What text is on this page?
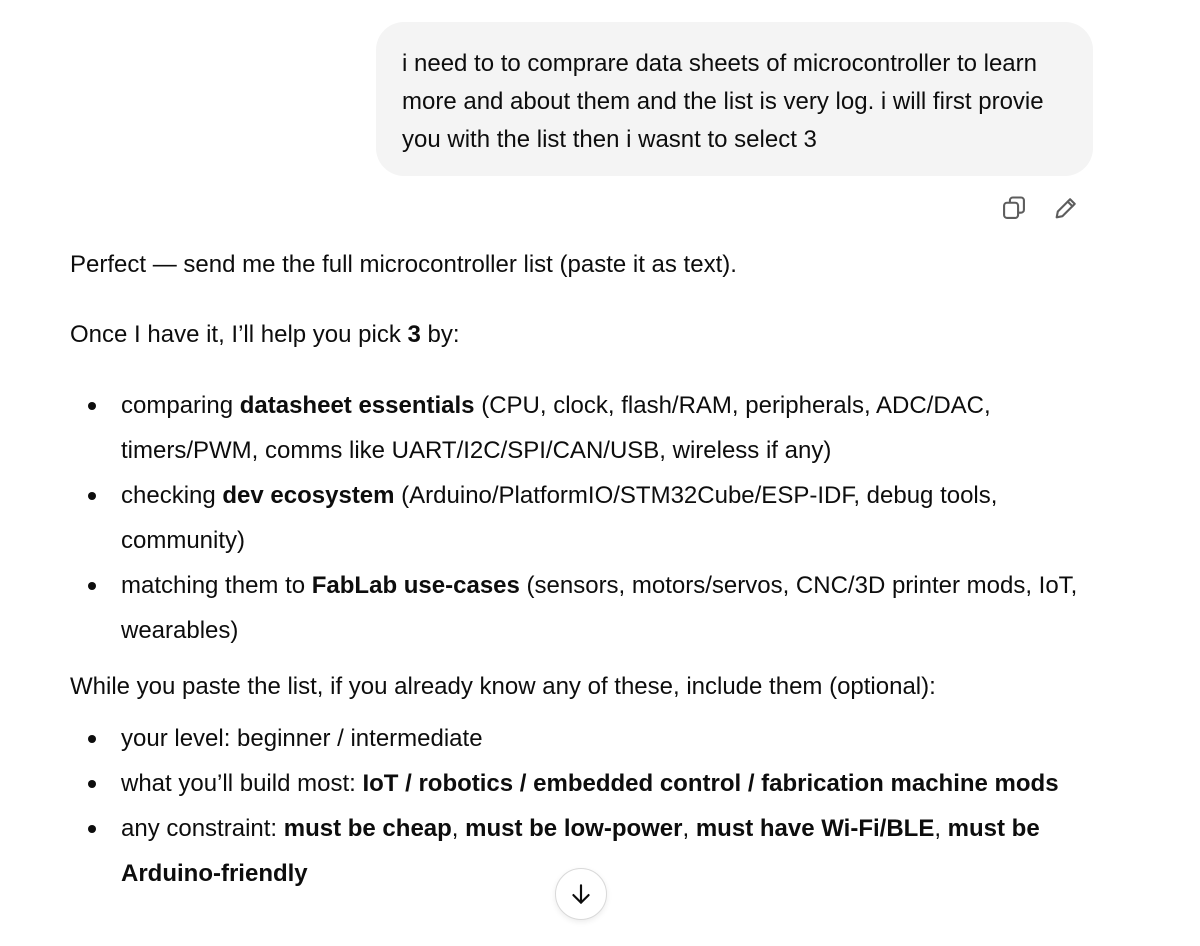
i need to to comprare data sheets of microcontroller to learn more and about them and the list is very log. i will first provie you with the list then i wasnt to select 3

Perfect — send me the full microcontroller list (paste it as text).

Once I have it, I’ll help you pick 3 by:

comparing datasheet essentials (CPU, clock, flash/RAM, peripherals, ADC/DAC, timers/PWM, comms like UART/I2C/SPI/CAN/USB, wireless if any)
checking dev ecosystem (Arduino/PlatformIO/STM32Cube/ESP-IDF, debug tools, community)
matching them to FabLab use-cases (sensors, motors/servos, CNC/3D printer mods, IoT, wearables)

While you paste the list, if you already know any of these, include them (optional):

your level: beginner / intermediate
what you’ll build most: IoT / robotics / embedded control / fabrication machine mods
any constraint: must be cheap, must be low-power, must have Wi-Fi/BLE, must be Arduino-friendly
